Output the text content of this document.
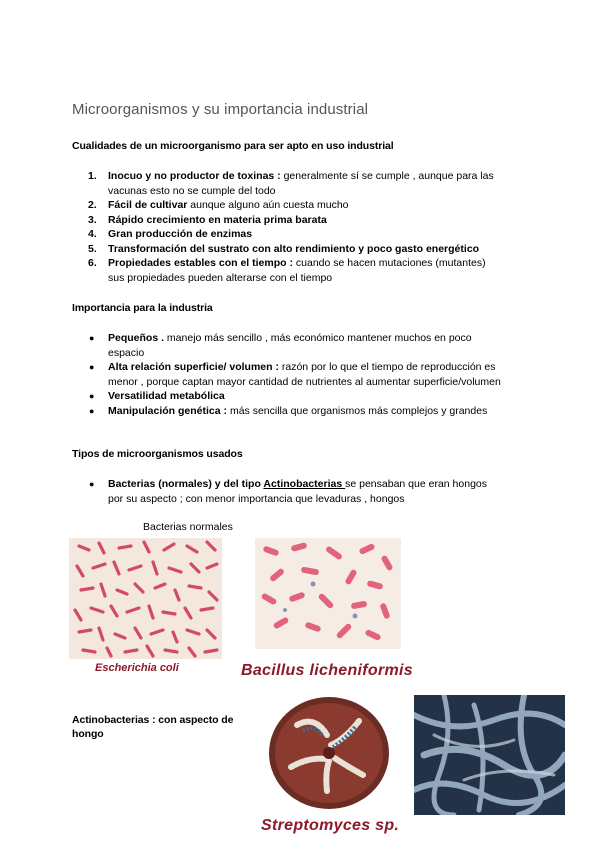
Microorganismos y su importancia industrial
Cualidades de un microorganismo para ser apto en uso industrial
1. Inocuo y no productor de toxinas : generalmente sí se cumple , aunque para las
vacunas esto no se cumple del todo
2. Fácil de cultivar aunque alguno aún cuesta mucho
3. Rápido crecimiento en materia prima barata
4. Gran producción de enzimas
5. Transformación del sustrato con alto rendimiento y poco gasto energético
6. Propiedades estables con el tiempo : cuando se hacen mutaciones (mutantes)
sus propiedades pueden alterarse con el tiempo
Importancia para la industria
● Pequeños . manejo más sencillo , más económico mantener muchos en poco
espacio
● Alta relación superficie/ volumen : razón por lo que el tiempo de reproducción es
menor , porque captan mayor cantidad de nutrientes al aumentar superficie/volumen
● Versatilidad metabólica
● Manipulación genética : más sencilla que organismos más complejos y grandes
Tipos de microorganismos usados
● Bacterias (normales) y del tipo Actinobacterias se pensaban que eran hongos
por su aspecto ; con menor importancia que levaduras , hongos
Bacterias normales
Escherichia coli	Bacillus licheniformis
Actinobacterias : con aspecto de
hongo
Streptomyces sp.
